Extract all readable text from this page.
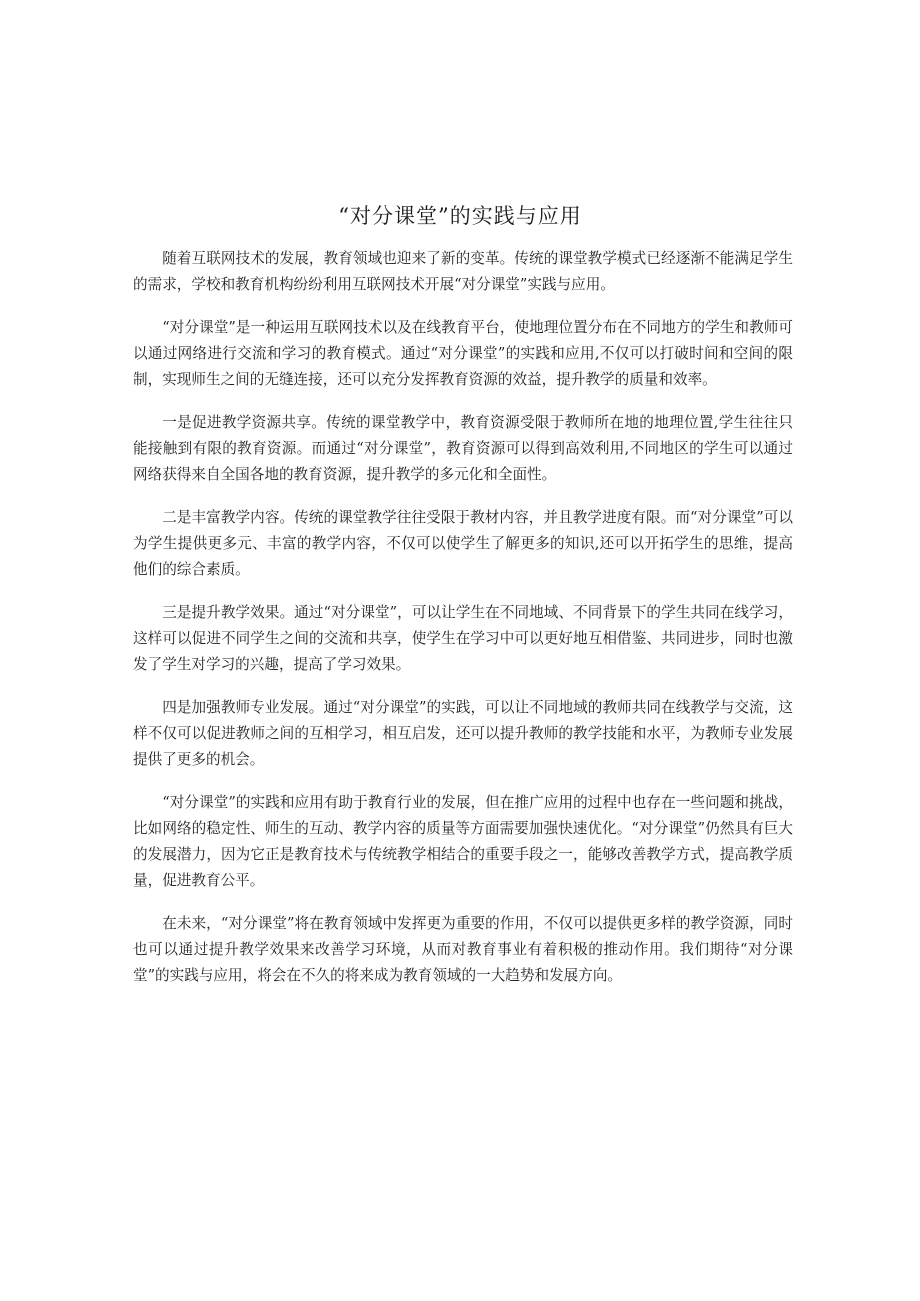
“对分课堂”的实践与应用

随着互联网技术的发展，教育领域也迎来了新的变革。传统的课堂教学模式已经逐渐不能满足学生的需求，学校和教育机构纷纷利用互联网技术开展“对分课堂”实践与应用。

“对分课堂”是一种运用互联网技术以及在线教育平台，使地理位置分布在不同地方的学生和教师可以通过网络进行交流和学习的教育模式。通过“对分课堂”的实践和应用,不仅可以打破时间和空间的限制，实现师生之间的无缝连接，还可以充分发挥教育资源的效益，提升教学的质量和效率。

一是促进教学资源共享。传统的课堂教学中，教育资源受限于教师所在地的地理位置,学生往往只能接触到有限的教育资源。而通过“对分课堂”，教育资源可以得到高效利用,不同地区的学生可以通过网络获得来自全国各地的教育资源，提升教学的多元化和全面性。

二是丰富教学内容。传统的课堂教学往往受限于教材内容，并且教学进度有限。而“对分课堂”可以为学生提供更多元、丰富的教学内容，不仅可以使学生了解更多的知识,还可以开拓学生的思维，提高他们的综合素质。

三是提升教学效果。通过“对分课堂”，可以让学生在不同地域、不同背景下的学生共同在线学习，这样可以促进不同学生之间的交流和共享，使学生在学习中可以更好地互相借鉴、共同进步，同时也激发了学生对学习的兴趣，提高了学习效果。

四是加强教师专业发展。通过“对分课堂”的实践，可以让不同地域的教师共同在线教学与交流，这样不仅可以促进教师之间的互相学习，相互启发，还可以提升教师的教学技能和水平，为教师专业发展提供了更多的机会。

“对分课堂”的实践和应用有助于教育行业的发展，但在推广应用的过程中也存在一些问题和挑战，比如网络的稳定性、师生的互动、教学内容的质量等方面需要加强快速优化。“对分课堂”仍然具有巨大的发展潜力，因为它正是教育技术与传统教学相结合的重要手段之一，能够改善教学方式，提高教学质量，促进教育公平。

在未来，“对分课堂”将在教育领域中发挥更为重要的作用，不仅可以提供更多样的教学资源，同时也可以通过提升教学效果来改善学习环境，从而对教育事业有着积极的推动作用。我们期待“对分课堂”的实践与应用，将会在不久的将来成为教育领域的一大趋势和发展方向。
